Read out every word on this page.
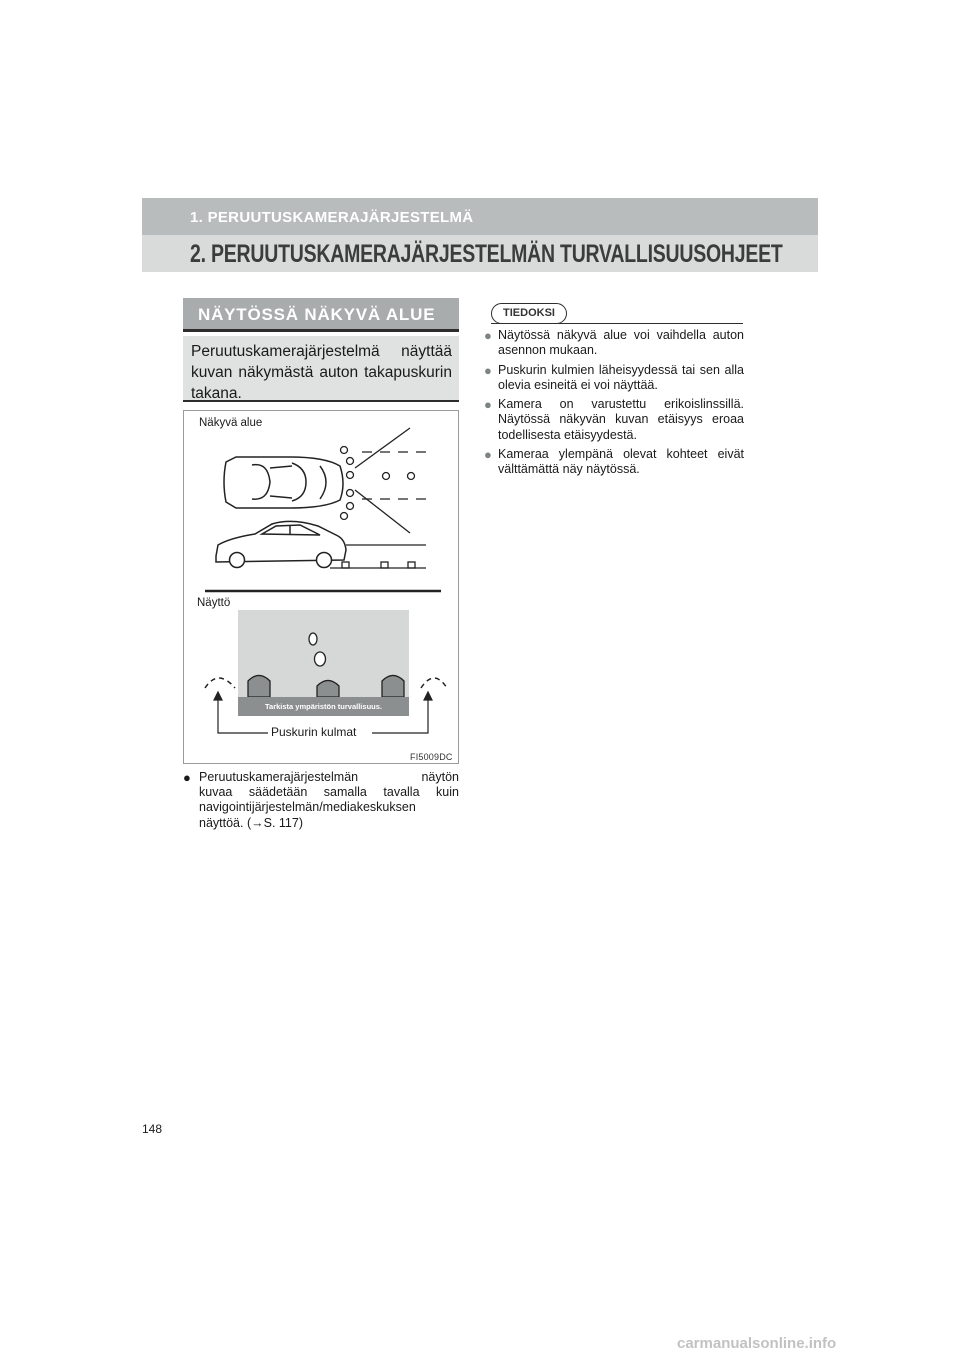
1. PERUUTUSKAMERAJÄRJESTELMÄ
2. PERUUTUSKAMERAJÄRJESTELMÄN TURVALLISUUSOHJEET
NÄYTÖSSÄ NÄKYVÄ ALUE
Peruutuskamerajärjestelmä näyttää kuvan näkymästä auton takapuskurin takana.
Näkyvä alue
Näyttö
Puskurin kulmat
FI5009DC
Tarkista ympäristön turvallisuus.
● Peruutuskamerajärjestelmän näytön
kuvaa säädetään samalla tavalla kuin
navigointijärjestelmän/mediakeskuksen
näyttöä. (→S. 117)
TIEDOKSI
● Näytössä näkyvä alue voi vaihdella auton asennon mukaan.
● Puskurin kulmien läheisyydessä tai sen alla olevia esineitä ei voi näyttää.
● Kamera on varustettu erikoislinssillä. Näytössä näkyvän kuvan etäisyys eroaa todellisesta etäisyydestä.
● Kameraa ylempänä olevat kohteet eivät välttämättä näy näytössä.
148
carmanualsonline.info
